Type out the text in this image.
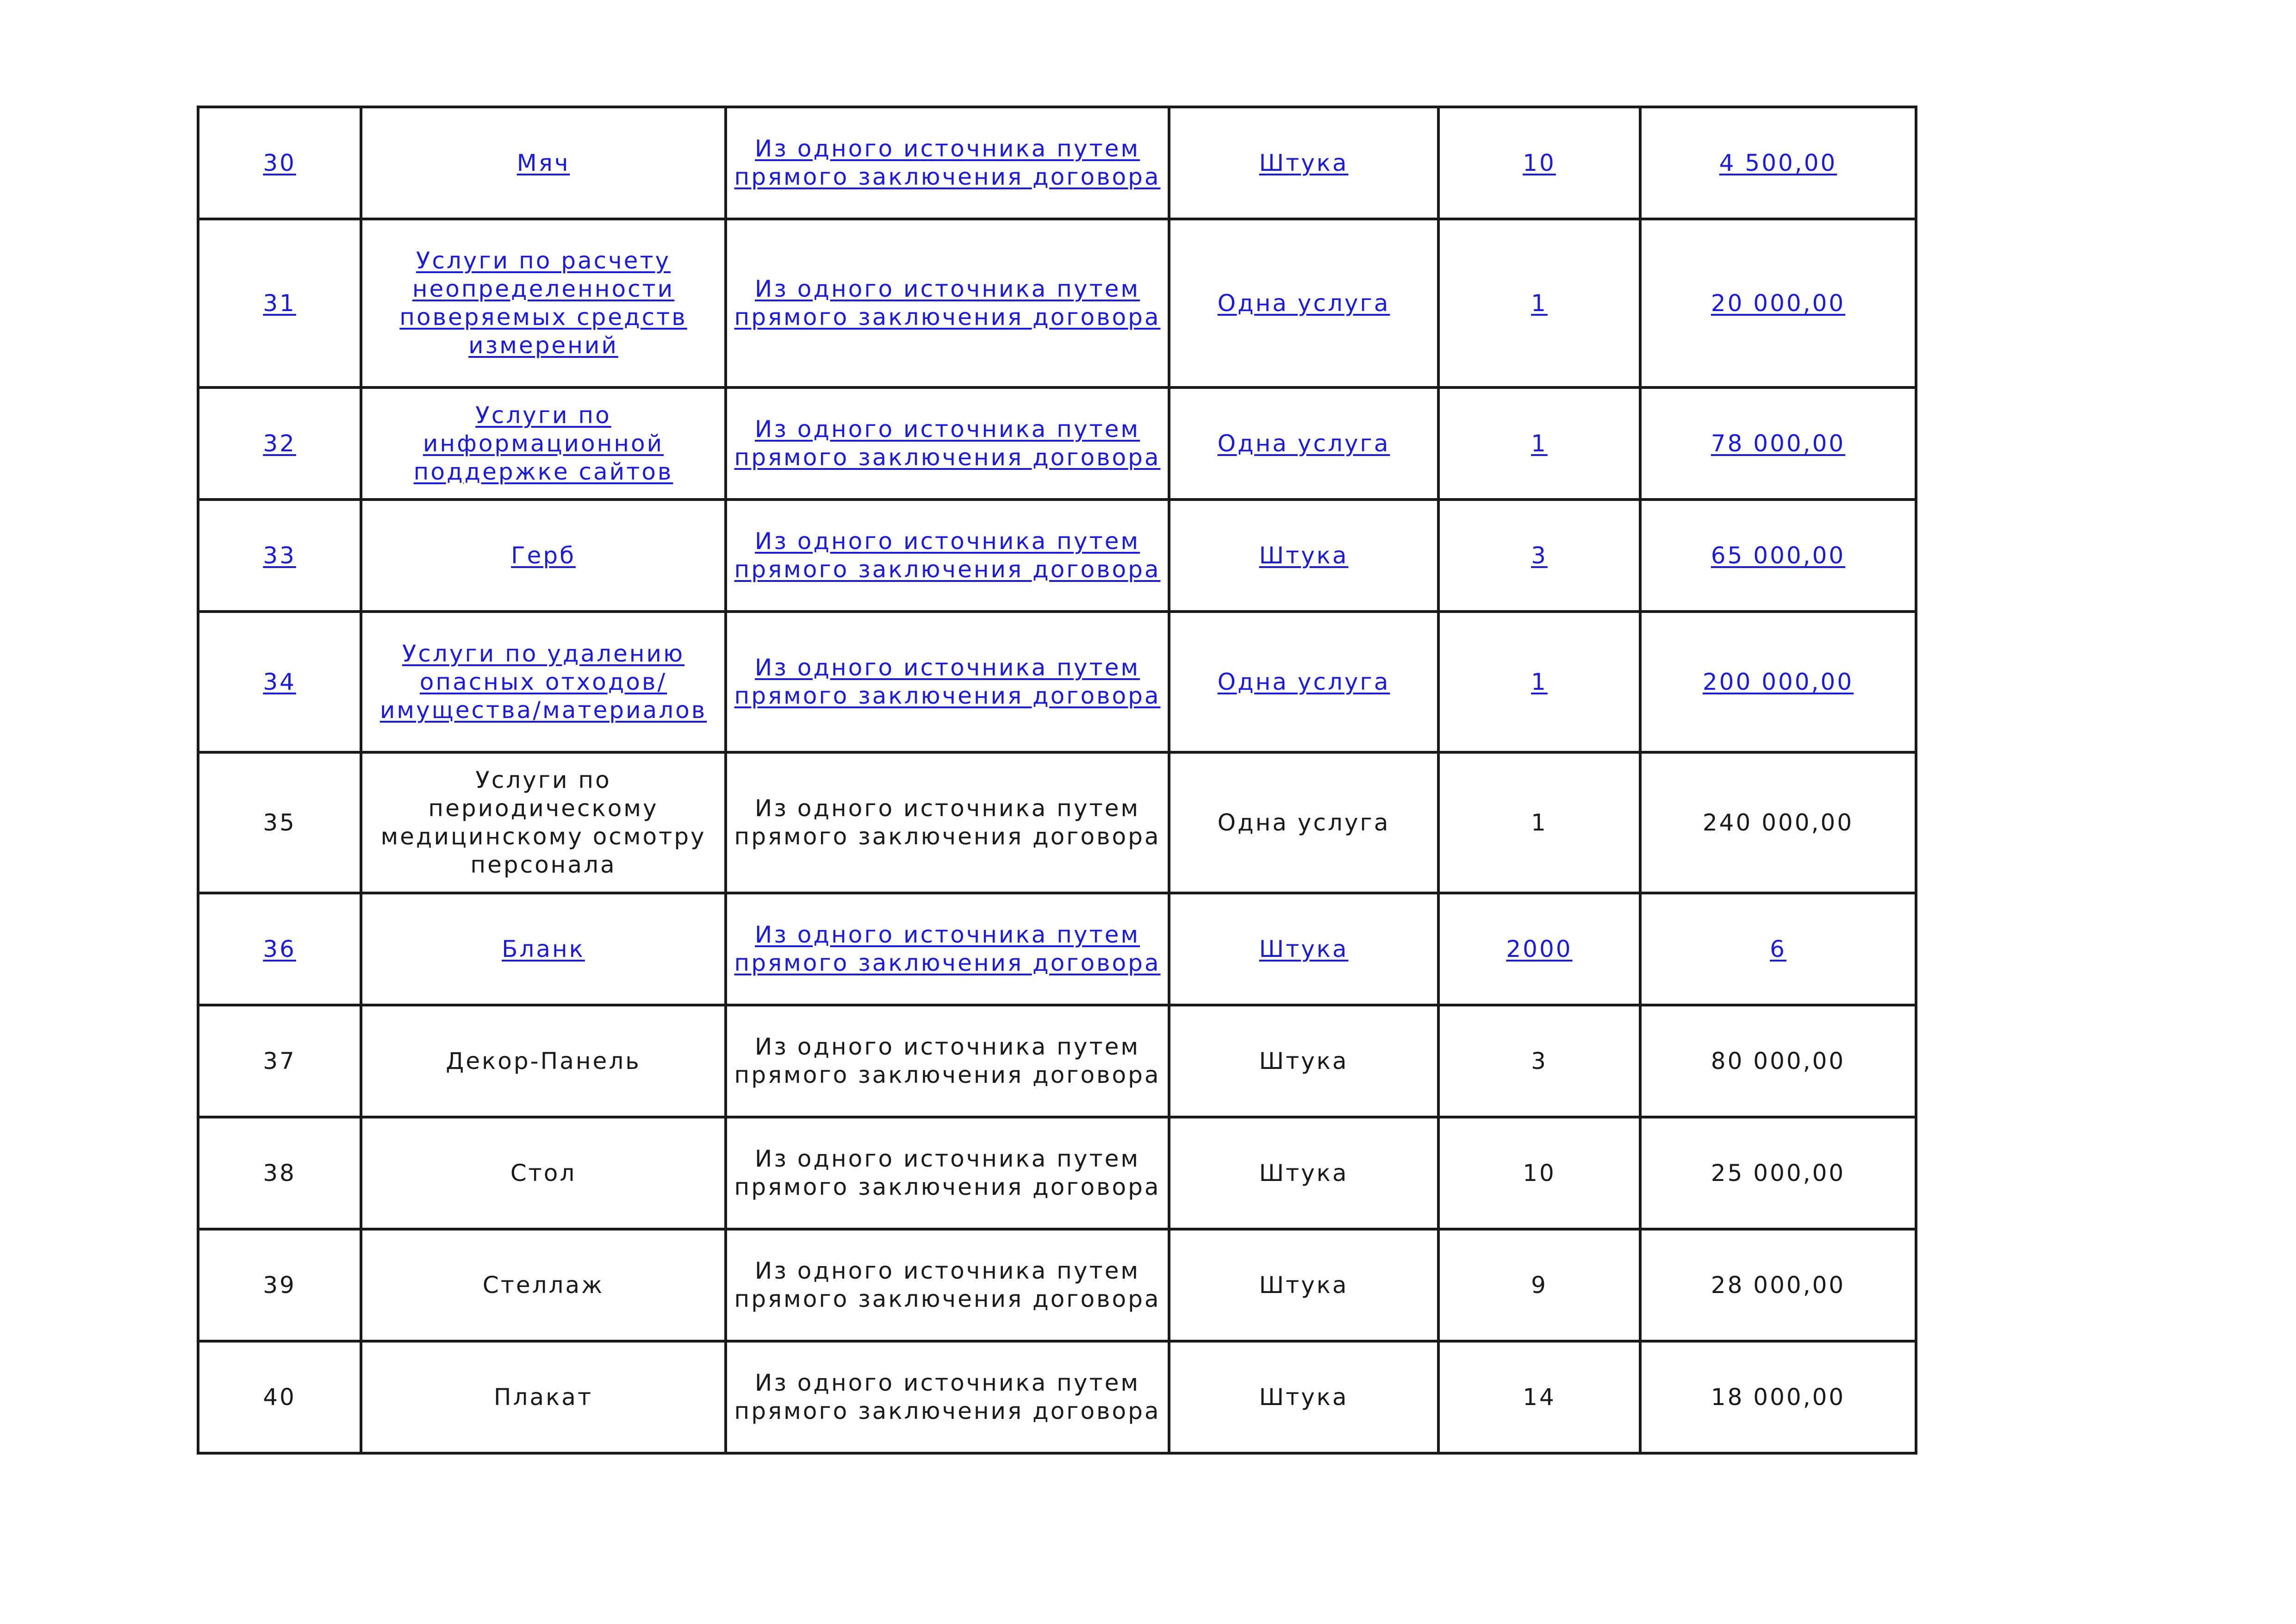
30	Мяч	Из одного источника путем прямого заключения договора	Штука	10	4 500,00
31	Услуги по расчету неопределенности поверяемых средств измерений	Из одного источника путем прямого заключения договора	Одна услуга	1	20 000,00
32	Услуги по информационной поддержке сайтов	Из одного источника путем прямого заключения договора	Одна услуга	1	78 000,00
33	Герб	Из одного источника путем прямого заключения договора	Штука	3	65 000,00
34	Услуги по удалению опасных отходов/имущества/материалов	Из одного источника путем прямого заключения договора	Одна услуга	1	200 000,00
35	Услуги по периодическому медицинскому осмотру персонала	Из одного источника путем прямого заключения договора	Одна услуга	1	240 000,00
36	Бланк	Из одного источника путем прямого заключения договора	Штука	2000	6
37	Декор-Панель	Из одного источника путем прямого заключения договора	Штука	3	80 000,00
38	Стол	Из одного источника путем прямого заключения договора	Штука	10	25 000,00
39	Стеллаж	Из одного источника путем прямого заключения договора	Штука	9	28 000,00
40	Плакат	Из одного источника путем прямого заключения договора	Штука	14	18 000,00
